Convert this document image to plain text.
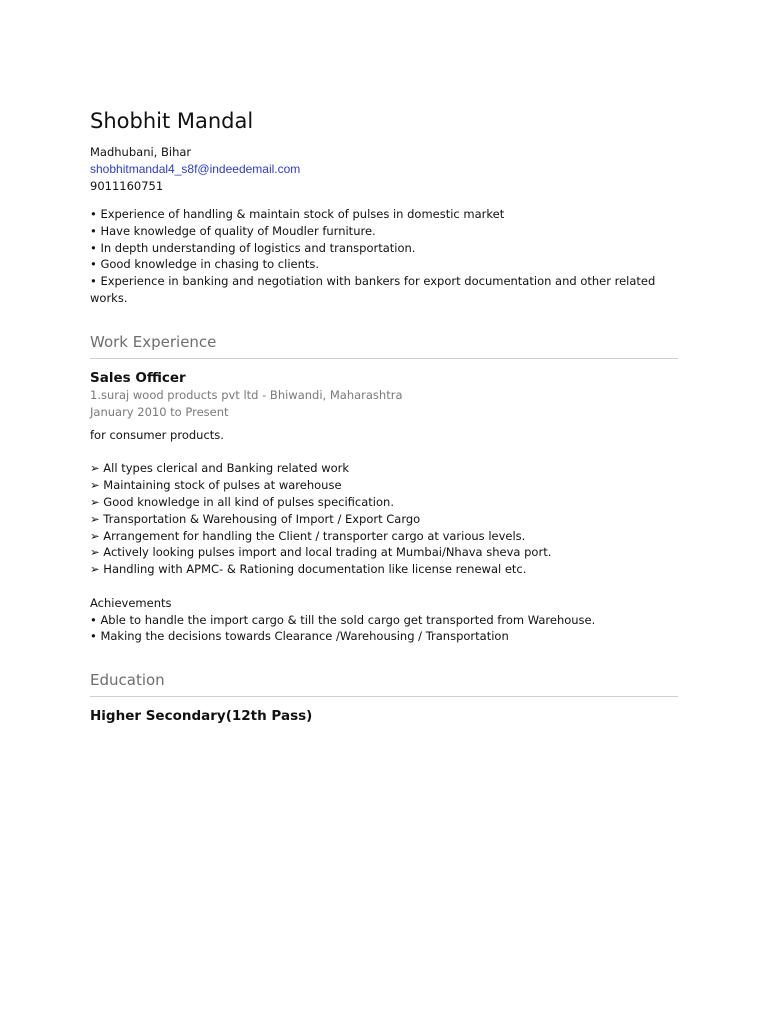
Shobhit Mandal

Madhubani, Bihar

shobhitmandal4_s8f@indeedemail.com

9011160751

• Experience of handling & maintain stock of pulses in domestic market

• Have knowledge of quality of Moudler furniture.

• In depth understanding of logistics and transportation.

• Good knowledge in chasing to clients.

• Experience in banking and negotiation with bankers for export documentation and other related

works.

Work Experience
Sales Officer

1.suraj wood products pvt ltd - Bhiwandi, Maharashtra

January 2010 to Present

for consumer products.

➢ All types clerical and Banking related work

➢ Maintaining stock of pulses at warehouse

➢ Good knowledge in all kind of pulses specification.

➢ Transportation & Warehousing of Import / Export Cargo

➢ Arrangement for handling the Client / transporter cargo at various levels.

➢ Actively looking pulses import and local trading at Mumbai/Nhava sheva port.

➢ Handling with APMC- & Rationing documentation like license renewal etc.

Achievements

• Able to handle the import cargo & till the sold cargo get transported from Warehouse.

• Making the decisions towards Clearance /Warehousing / Transportation

Education
Higher Secondary(12th Pass)
